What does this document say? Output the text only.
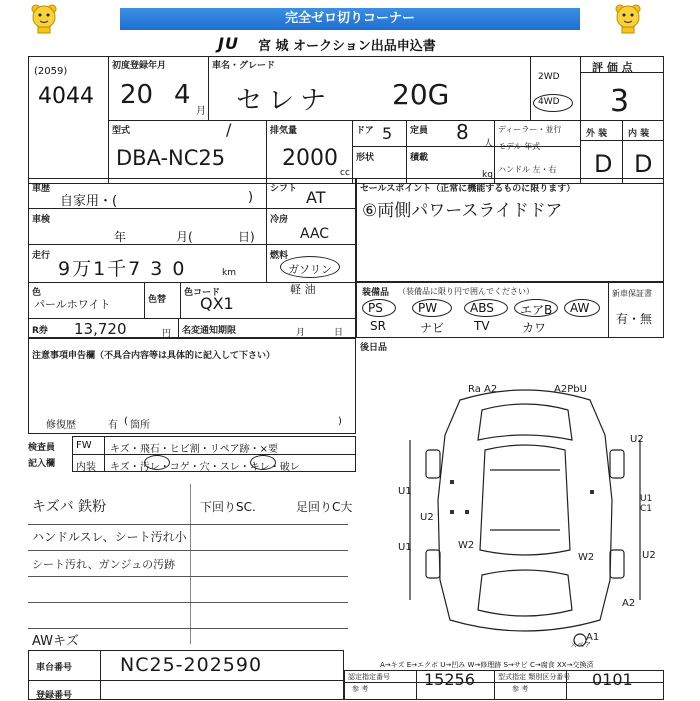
完全ゼロ切りコーナー
JU 宮 城 オークション出品申込書
(2059)
4044
初度登録年月
20 4
月
車名・グレード
セレナ 20G
2WD
4WD
評 価 点
3
型式	/
DBA-NC25
排気量
2000
cc
ドア 5 定員 8 人
ディーラー・並行
モデル 年式
ハンドル 左・右
形状	積載
kg
外 装 内 装
D D
車歴
自家用・(	)
シフト AT
車検
年	月(	日)
冷房
AAC
走行
9万1千7 3 0	km
燃料
ガソリン
軽 油
色
パールホワイト	色替
色コード
QX1
R券 13,720	円 名変通知期限	月	日
セールスポイント（正常に機能するものに限ります）
⑥両側パワースライドドア
装備品 （装備品に限り円で囲んでください）	新車保証書
有・無
PS	PW	ABS エアB AW
SR	ナビ TV	カワ
後日品
注意事項申告欄（不具合内容等は具体的に記入して下さい）
修復歴	有 箇所
(	)
検査員
記入欄
FW キズ・飛石・ヒビ割・リペア跡・×要
内装 キズ・汚レ・コゲ・穴・スレ・キレ・破レ
キズバ 鉄粉
ハンドルスレ、シート汚れ小
シート汚れ、ガンジュの汚跡
下回りSC.	足回りC大
AWキズ
Ra A2	A2PbU
U2
U1
U2
U1	W2
W2
U1 C1
U2
A2
A1
スペア
A→キズ E→エクボ U→凹み W→修理跡 S→サビ C→腐食 XX→交換済
車台番号	NC25-202590
登録番号
認定指定番号
参 考	15256	型式指定 類別区分番号
参 考	0101
